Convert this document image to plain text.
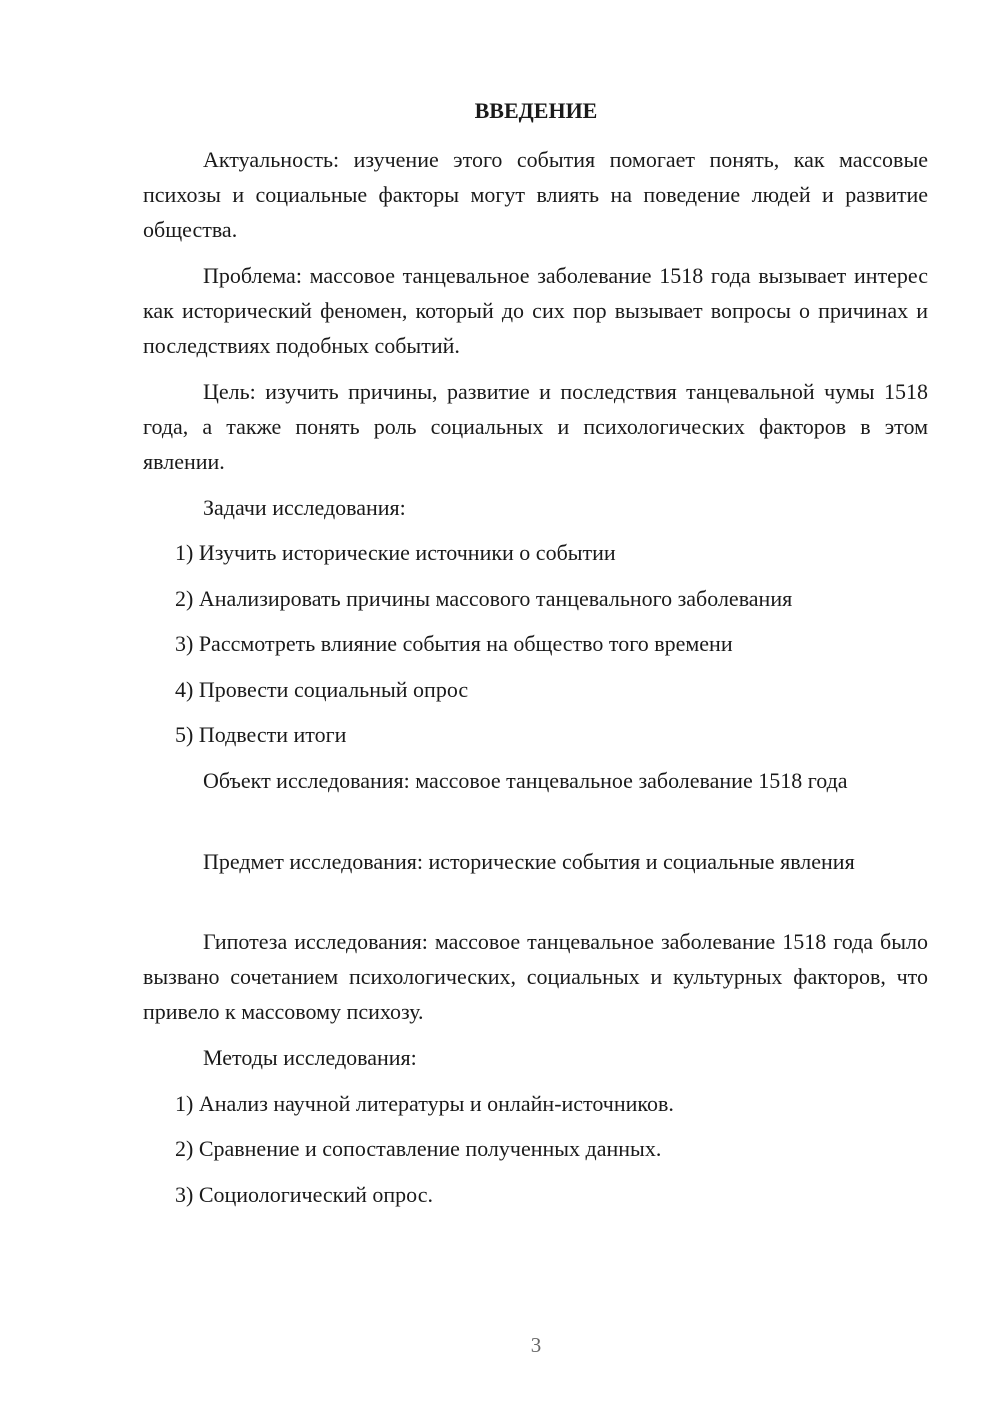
ВВЕДЕНИЕ

Актуальность: изучение этого события помогает понять, как массовые психозы и социальные факторы могут влиять на поведение людей и развитие общества.

Проблема: массовое танцевальное заболевание 1518 года вызывает интерес как исторический феномен, который до сих пор вызывает вопросы о причинах и последствиях подобных событий.

Цель: изучить причины, развитие и последствия танцевальной чумы 1518 года, а также понять роль социальных и психологических факторов в этом явлении.

Задачи исследования:

1) Изучить исторические источники о событии

2) Анализировать причины массового танцевального заболевания

3) Рассмотреть влияние события на общество того времени

4) Провести социальный опрос

5) Подвести итоги

Объект исследования: массовое танцевальное заболевание 1518 года

Предмет исследования: исторические события и социальные явления

Гипотеза исследования: массовое танцевальное заболевание 1518 года было вызвано сочетанием психологических, социальных и культурных факторов, что привело к массовому психозу.

Методы исследования:

1) Анализ научной литературы и онлайн-источников.

2) Сравнение и сопоставление полученных данных.

3) Социологический опрос.

3
